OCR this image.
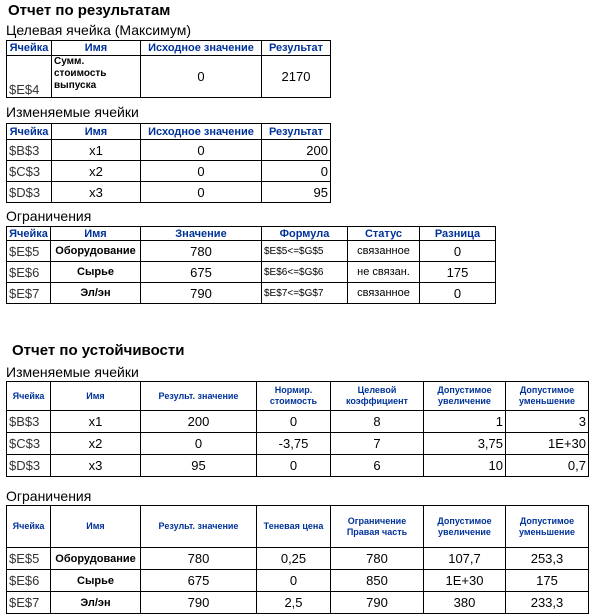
Отчет по результатам
Целевая ячейка (Максимум)
Ячейка	Имя	Исходное значение	Результат
$E$4	Сумм. стоимость выпуска	0	2170
Изменяемые ячейки
Ячейка	Имя	Исходное значение	Результат
$B$3	x1	0	200
$C$3	x2	0	0
$D$3	x3	0	95
Ограничения
Ячейка	Имя	Значение	Формула	Статус	Разница
$E$5	Оборудование	780	$E$5<=$G$5	связанное	0
$E$6	Сырье	675	$E$6<=$G$6	не связан.	175
$E$7	Эл/эн	790	$E$7<=$G$7	связанное	0
Отчет по устойчивости
Изменяемые ячейки
Ячейка	Имя	Результ. значение	Нормир. стоимость	Целевой коэффициент	Допустимое увеличение	Допустимое уменьшение
$B$3	x1	200	0	8	1	3
$C$3	x2	0	-3,75	7	3,75	1E+30
$D$3	x3	95	0	6	10	0,7
Ограничения
Ячейка	Имя	Результ. значение	Теневая цена	Ограничение Правая часть	Допустимое увеличение	Допустимое уменьшение
$E$5	Оборудование	780	0,25	780	107,7	253,3
$E$6	Сырье	675	0	850	1E+30	175
$E$7	Эл/эн	790	2,5	790	380	233,3
